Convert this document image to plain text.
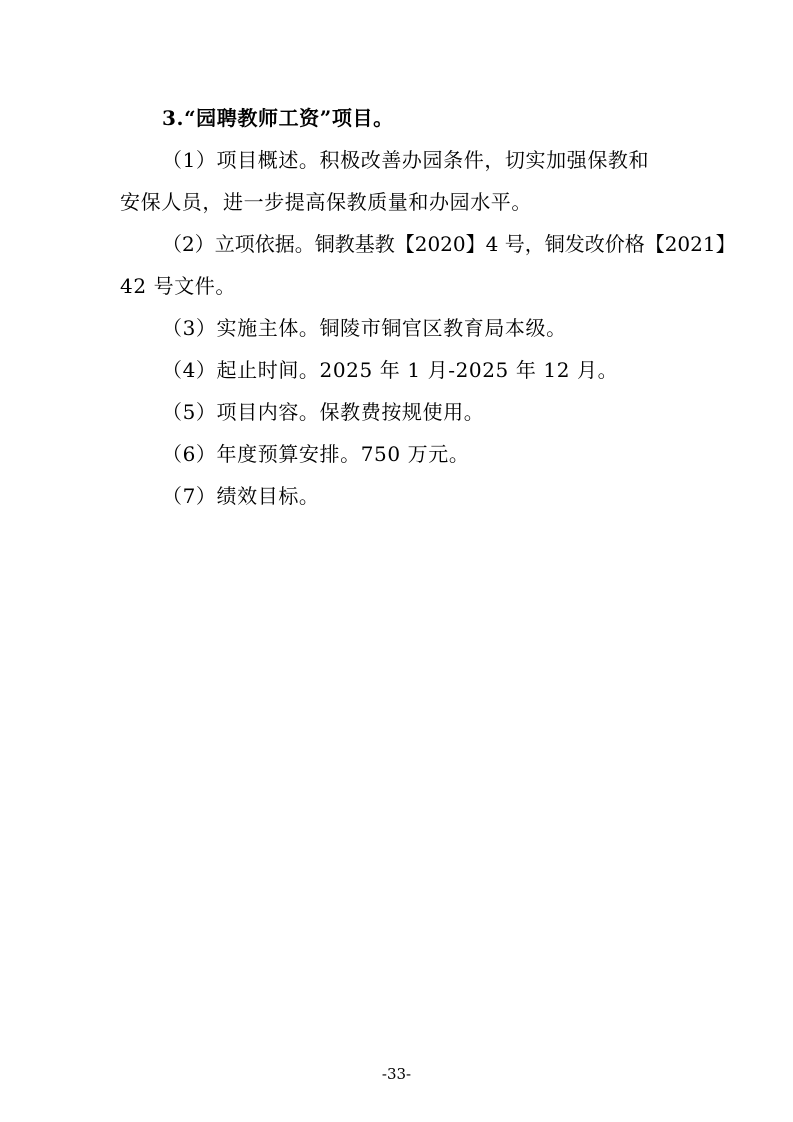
3.“园聘教师工资”项目。
（1）项目概述。积极改善办园条件，切实加强保教和
安保人员，进一步提高保教质量和办园水平。
（2）立项依据。铜教基教【2020】4 号，铜发改价格【2021】
42 号文件。
（3）实施主体。铜陵市铜官区教育局本级。
（4）起止时间。2025 年 1 月-2025 年 12 月。
（5）项目内容。保教费按规使用。
（6）年度预算安排。750 万元。
（7）绩效目标。
-33-
